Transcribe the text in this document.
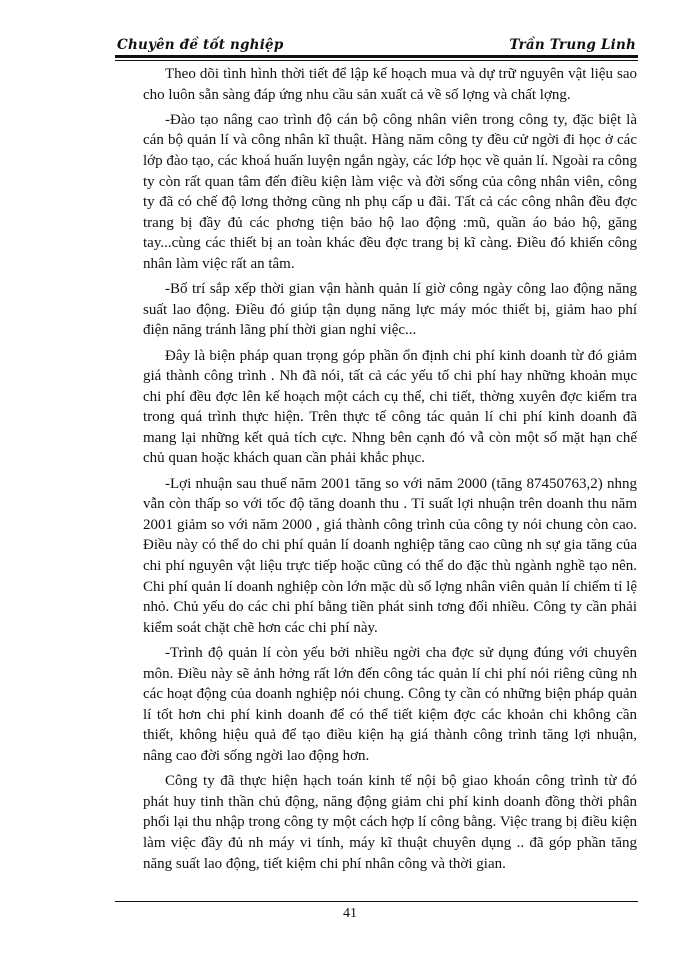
Chuyên đề tốt nghiệp	Trần Trung Linh

Theo dõi tình hình thời tiết để lập kế hoạch mua và dự trữ nguyên vật liệu sao cho luôn sẵn sàng đáp ứng nhu cầu sản xuất cả về số lợng và chất lợng.

-Đào tạo nâng cao trình độ cán bộ công nhân viên trong công ty, đặc biệt là cán bộ quản lí và công nhân kĩ thuật. Hàng năm công ty đều cử ngời đi học ở các lớp đào tạo, các khoá huấn luyện ngắn ngày, các lớp học về quản lí. Ngoài ra công ty còn rất quan tâm đến điều kiện làm việc và đời sống của công nhân viên, công ty đã có chế độ lơng thởng cũng nh phụ cấp u đãi. Tất cả các công nhân đều đợc trang bị đầy đủ các phơng tiện bảo hộ lao động :mũ, quần áo bảo hộ, găng tay...cùng các thiết bị an toàn khác đều đợc trang bị kĩ càng. Điều đó khiến công nhân làm việc rất an tâm.

-Bố trí sắp xếp thời gian vận hành quản lí giờ công ngày công lao động năng suất lao động. Điều đó giúp tận dụng năng lực máy móc thiết bị, giảm hao phí điện năng tránh lãng phí thời gian nghỉ việc...

Đây là biện pháp quan trọng góp phần ổn định chi phí kinh doanh từ đó giảm giá thành công trình . Nh đã nói, tất cả các yếu tố chi phí hay những khoản mục chi phí đều đợc lên kế hoạch một cách cụ thể, chi tiết, thờng xuyên đợc kiểm tra trong quá trình thực hiện. Trên thực tế công tác quản lí chi phí kinh doanh đã mang lại những kết quả tích cực. Nhng bên cạnh đó vẫ còn một số mặt hạn chế chủ quan hoặc khách quan cần phải khắc phục.

-Lợi nhuận sau thuế năm 2001 tăng so với năm 2000 (tăng 87450763,2) nhng vẫn còn thấp so với tốc độ tăng doanh thu . Tỉ suất lợi nhuận trên doanh thu năm 2001 giảm so với năm 2000 , giá thành công trình của công ty nói chung còn cao. Điều này có thể do chi phí quản lí doanh nghiệp tăng cao cũng nh sự gia tăng của chi phí nguyên vật liệu trực tiếp hoặc cũng có thể do đặc thù ngành nghề tạo nên. Chi phí quản lí doanh nghiệp còn lớn mặc dù số lợng nhân viên quản lí chiếm tỉ lệ nhỏ. Chủ yếu do các chi phí bằng tiền phát sinh tơng đối nhiều. Công ty cần phải kiểm soát chặt chẽ hơn các chi phí này.

-Trình độ quản lí còn yếu bởi nhiều ngời cha đợc sử dụng đúng với chuyên môn. Điều này sẽ ảnh hởng rất lớn đến công tác quản lí chi phí nói riêng cũng nh các hoạt động của doanh nghiệp nói chung. Công ty cần có những biện pháp quản lí tốt hơn chi phí kinh doanh để có thể tiết kiệm đợc các khoản chi không cần thiết, không hiệu quả để tạo điều kiện hạ giá thành công trình tăng lợi nhuận, nâng cao đời sống ngời lao động hơn.

Công ty đã thực hiện hạch toán kinh tế nội bộ giao khoán công trình từ đó phát huy tinh thần chủ động, năng động giảm chi phí kinh doanh đồng thời phân phối lại thu nhập trong công ty một cách hợp lí công bằng. Việc trang bị điều kiện làm việc đầy đủ nh máy vi tính, máy kĩ thuật chuyên dụng .. đã góp phần tăng năng suất lao động, tiết kiệm chi phí nhân công và thời gian.

41
